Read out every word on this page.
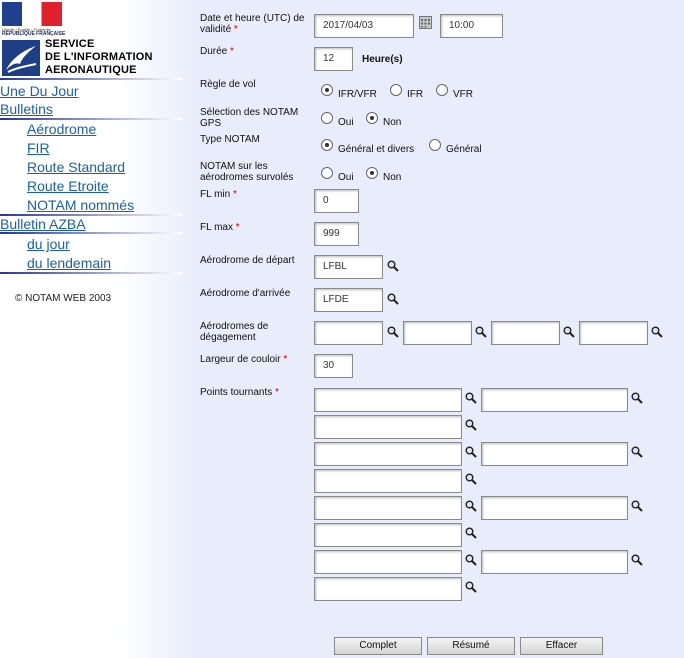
Liberté • Égalité • Fraternité
RÉPUBLIQUE FRANÇAISE
SERVICE
DE L'INFORMATION
AERONAUTIQUE
Une Du Jour
Bulletins
Aérodrome
FIR
Route Standard
Route Etroite
NOTAM nommés
Bulletin AZBA
du jour
du lendemain
© NOTAM WEB 2003
Date et heure (UTC) de validité *	2017/04/03	10:00
Durée *
12	Heure(s)
Règle de vol
IFR/VFR	IFR	VFR
Sélection des NOTAM GPS	Oui	Non
Type NOTAM
Général et divers	Général
NOTAM sur les aérodromes survolés	Oui	Non
FL min *
0
FL max *
999
Aérodrome de départ
LFBL
Aérodrome d'arrivée
LFDE
Aérodromes de dégagement
Largeur de couloir *
30
Points tournants *
Complet	Résumé	Effacer
